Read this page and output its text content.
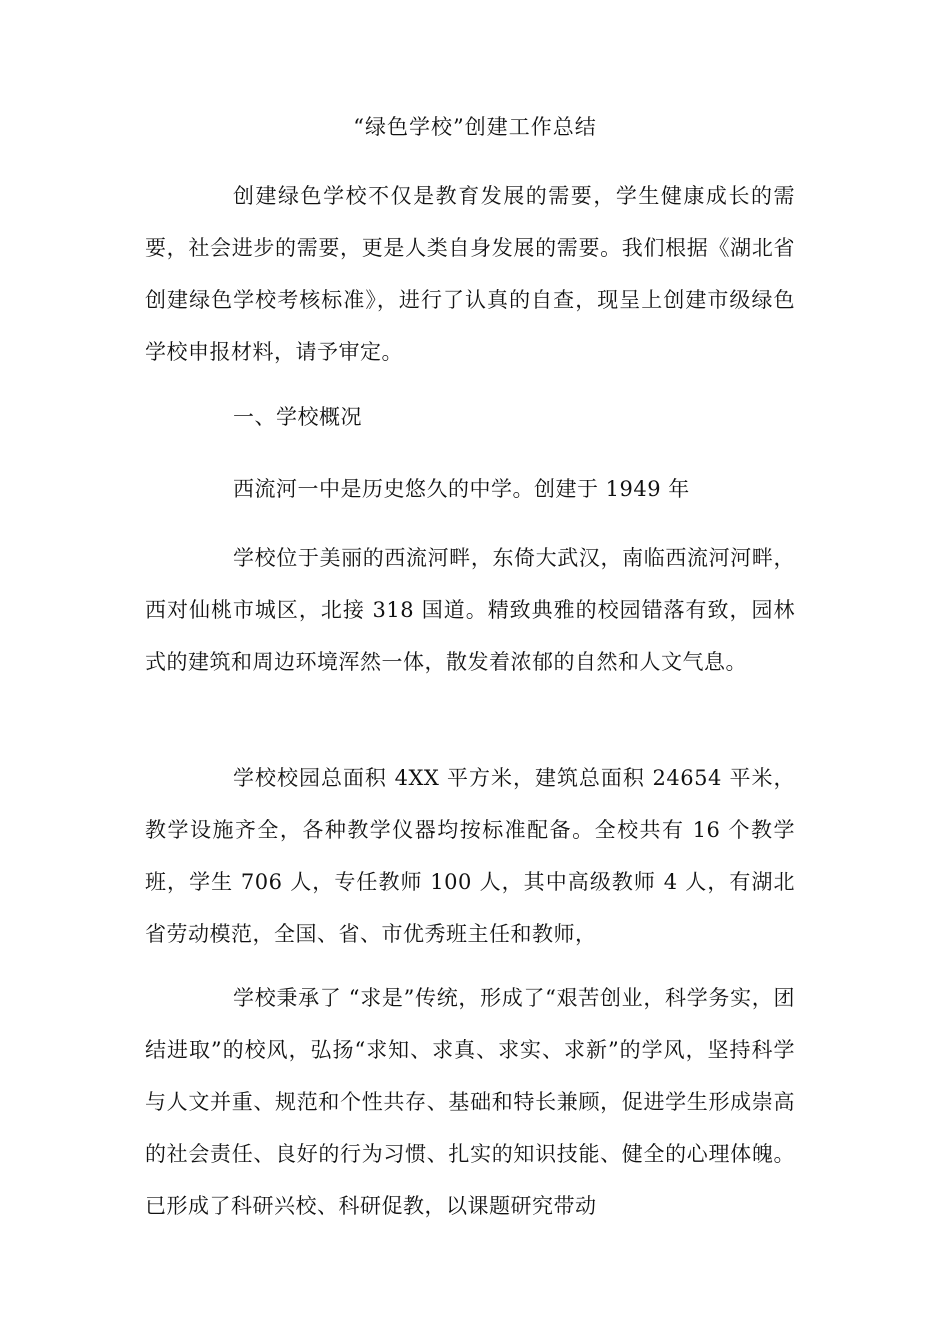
“绿色学校”创建工作总结

创建绿色学校不仅是教育发展的需要，学生健康成长的需要，社会进步的需要，更是人类自身发展的需要。我们根据《湖北省创建绿色学校考核标准》，进行了认真的自查，现呈上创建市级绿色学校申报材料，请予审定。

一、学校概况
西流河一中是历史悠久的中学。创建于 1949 年

学校位于美丽的西流河畔，东倚大武汉，南临西流河河畔，西对仙桃市城区，北接 318 国道。精致典雅的校园错落有致，园林式的建筑和周边环境浑然一体，散发着浓郁的自然和人文气息。

学校校园总面积 4XX 平方米，建筑总面积 24654 平米，教学设施齐全，各种教学仪器均按标准配备。全校共有 16 个教学班，学生 706 人，专任教师 100 人，其中高级教师 4 人，有湖北省劳动模范，全国、省、市优秀班主任和教师，

学校秉承了 “求是”传统，形成了“艰苦创业，科学务实，团结进取”的校风，弘扬“求知、求真、求实、求新”的学风，坚持科学与人文并重、规范和个性共存、基础和特长兼顾，促进学生形成崇高的社会责任、良好的行为习惯、扎实的知识技能、健全的心理体魄。已形成了科研兴校、科研促教，以课题研究带动
